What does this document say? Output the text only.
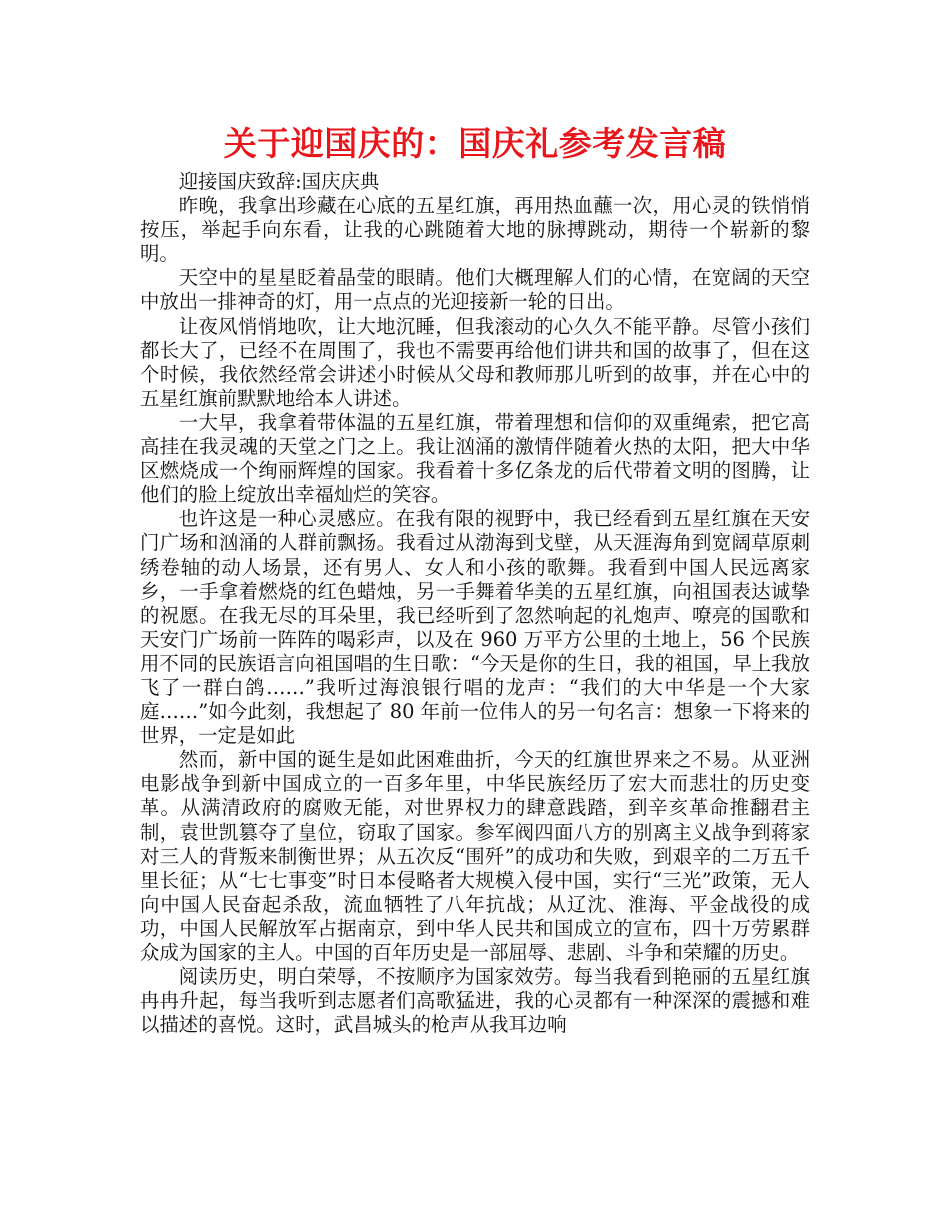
关于迎国庆的：国庆礼参考发言稿

迎接国庆致辞:国庆庆典

昨晚，我拿出珍藏在心底的五星红旗，再用热血蘸一次，用心灵的铁悄悄按压，举起手向东看，让我的心跳随着大地的脉搏跳动，期待一个崭新的黎明。

天空中的星星眨着晶莹的眼睛。他们大概理解人们的心情，在宽阔的天空中放出一排神奇的灯，用一点点的光迎接新一轮的日出。

让夜风悄悄地吹，让大地沉睡，但我滚动的心久久不能平静。尽管小孩们都长大了，已经不在周围了，我也不需要再给他们讲共和国的故事了，但在这个时候，我依然经常会讲述小时候从父母和教师那儿听到的故事，并在心中的五星红旗前默默地给本人讲述。

一大早，我拿着带体温的五星红旗，带着理想和信仰的双重绳索，把它高高挂在我灵魂的天堂之门之上。我让汹涌的激情伴随着火热的太阳，把大中华区燃烧成一个绚丽辉煌的国家。我看着十多亿条龙的后代带着文明的图腾，让他们的脸上绽放出幸福灿烂的笑容。

也许这是一种心灵感应。在我有限的视野中，我已经看到五星红旗在天安门广场和汹涌的人群前飘扬。我看过从渤海到戈壁，从天涯海角到宽阔草原刺绣卷轴的动人场景，还有男人、女人和小孩的歌舞。我看到中国人民远离家乡，一手拿着燃烧的红色蜡烛，另一手舞着华美的五星红旗，向祖国表达诚挚的祝愿。在我无尽的耳朵里，我已经听到了忽然响起的礼炮声、嘹亮的国歌和天安门广场前一阵阵的喝彩声，以及在 960 万平方公里的土地上，56 个民族用不同的民族语言向祖国唱的生日歌：“今天是你的生日，我的祖国，早上我放飞了一群白鸽……”我听过海浪银行唱的龙声：“我们的大中华是一个大家庭……”如今此刻，我想起了 80 年前一位伟人的另一句名言：想象一下将来的世界，一定是如此

然而，新中国的诞生是如此困难曲折，今天的红旗世界来之不易。从亚洲电影战争到新中国成立的一百多年里，中华民族经历了宏大而悲壮的历史变革。从满清政府的腐败无能，对世界权力的肆意践踏，到辛亥革命推翻君主制，袁世凯篡夺了皇位，窃取了国家。参军阀四面八方的别离主义战争到蒋家对三人的背叛来制衡世界；从五次反“围歼”的成功和失败，到艰辛的二万五千里长征；从“七七事变”时日本侵略者大规模入侵中国，实行“三光”政策，无人向中国人民奋起杀敌，流血牺牲了八年抗战；从辽沈、淮海、平金战役的成功，中国人民解放军占据南京，到中华人民共和国成立的宣布，四十万劳累群众成为国家的主人。中国的百年历史是一部屈辱、悲剧、斗争和荣耀的历史。

阅读历史，明白荣辱，不按顺序为国家效劳。每当我看到艳丽的五星红旗冉冉升起，每当我听到志愿者们高歌猛进，我的心灵都有一种深深的震撼和难以描述的喜悦。这时，武昌城头的枪声从我耳边响
